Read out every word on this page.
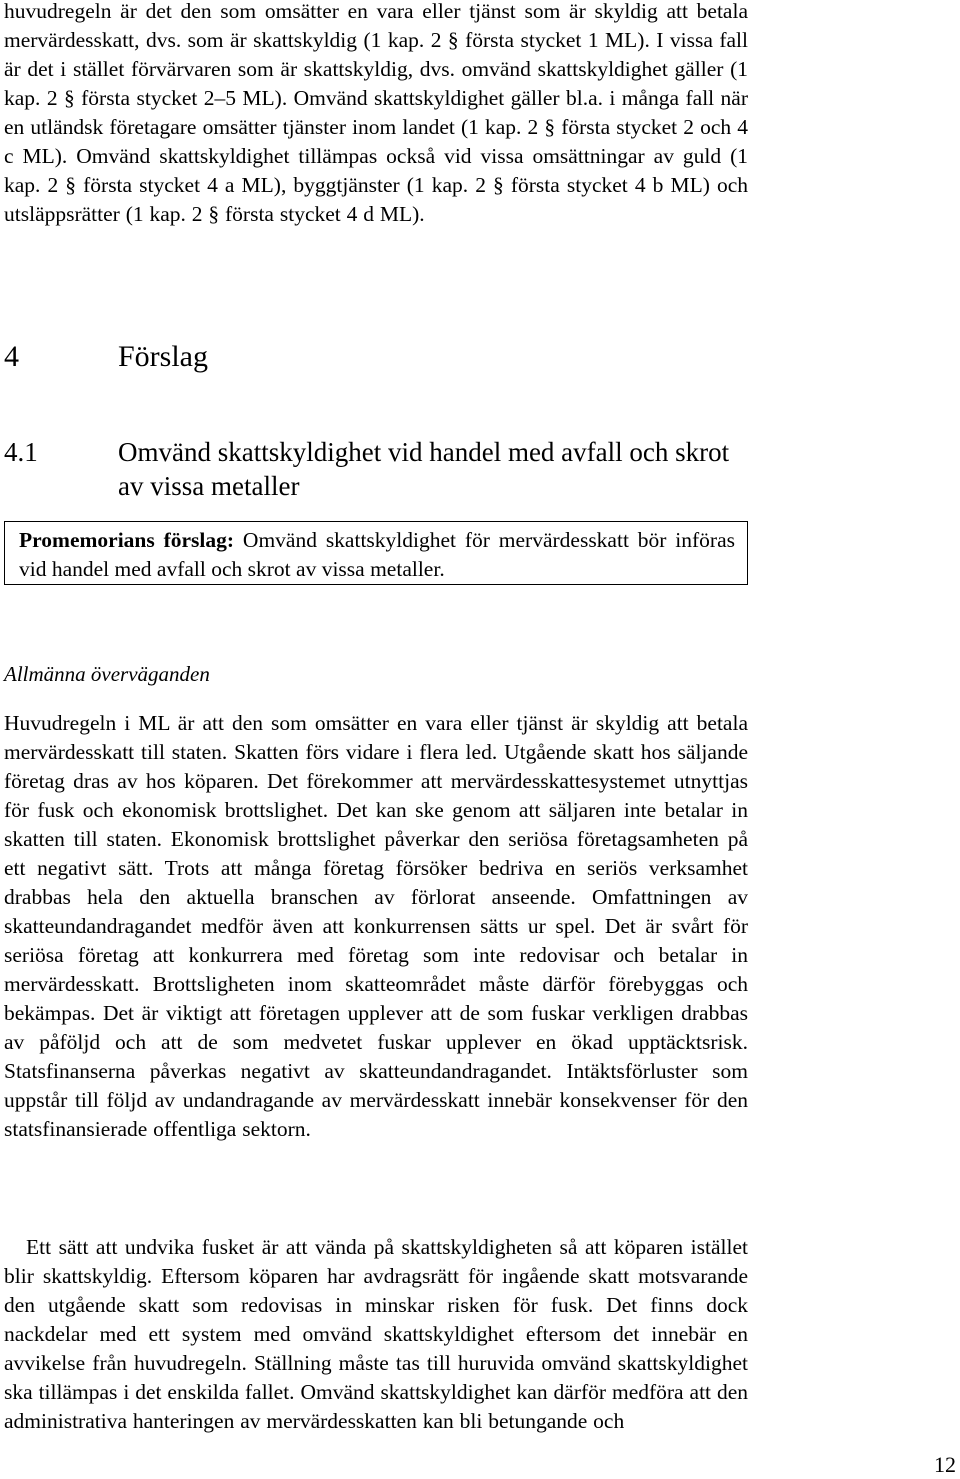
huvudregeln är det den som omsätter en vara eller tjänst som är skyldig att betala mervärdesskatt, dvs. som är skattskyldig (1 kap. 2 § första stycket 1 ML). I vissa fall är det i stället förvärvaren som är skattskyldig, dvs. omvänd skattskyldighet gäller (1 kap. 2 § första stycket 2–5 ML). Omvänd skattskyldighet gäller bl.a. i många fall när en utländsk företagare omsätter tjänster inom landet (1 kap. 2 § första stycket 2 och 4 c ML). Omvänd skattskyldighet tillämpas också vid vissa omsättningar av guld (1 kap. 2 § första stycket 4 a ML), byggtjänster (1 kap. 2 § första stycket 4 b ML) och utsläppsrätter (1 kap. 2 § första stycket 4 d ML).

4	Förslag
4.1	Omvänd skattskyldighet vid handel med avfall och skrot av vissa metaller
Promemorians förslag: Omvänd skattskyldighet för mervärdesskatt bör införas vid handel med avfall och skrot av vissa metaller.

Allmänna överväganden

Huvudregeln i ML är att den som omsätter en vara eller tjänst är skyldig att betala mervärdesskatt till staten. Skatten förs vidare i flera led. Utgående skatt hos säljande företag dras av hos köparen. Det förekommer att mervärdesskattesystemet utnyttjas för fusk och ekonomisk brottslighet. Det kan ske genom att säljaren inte betalar in skatten till staten. Ekonomisk brottslighet påverkar den seriösa företagsamheten på ett negativt sätt. Trots att många företag försöker bedriva en seriös verksamhet drabbas hela den aktuella branschen av förlorat anseende. Omfattningen av skatteundandragandet medför även att konkurrensen sätts ur spel. Det är svårt för seriösa företag att konkurrera med företag som inte redovisar och betalar in mervärdesskatt. Brottsligheten inom skatteområdet måste därför förebyggas och bekämpas. Det är viktigt att företagen upplever att de som fuskar verkligen drabbas av påföljd och att de som medvetet fuskar upplever en ökad upptäcktsrisk. Statsfinanserna påverkas negativt av skatteundandragandet. Intäktsförluster som uppstår till följd av undandragande av mervärdesskatt innebär konsekvenser för den statsfinansierade offentliga sektorn.

Ett sätt att undvika fusket är att vända på skattskyldigheten så att köparen istället blir skattskyldig. Eftersom köparen har avdragsrätt för ingående skatt motsvarande den utgående skatt som redovisas in minskar risken för fusk. Det finns dock nackdelar med ett system med omvänd skattskyldighet eftersom det innebär en avvikelse från huvudregeln. Ställning måste tas till huruvida omvänd skattskyldighet ska tillämpas i det enskilda fallet. Omvänd skattskyldighet kan därför medföra att den administrativa hanteringen av mervärdesskatten kan bli betungande och

12
